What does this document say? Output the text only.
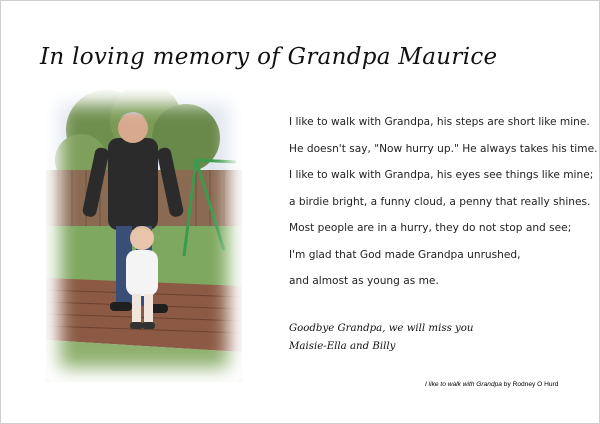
In loving memory of Grandpa Maurice
I like to walk with Grandpa, his steps are short like mine.
He doesn't say, "Now hurry up." He always takes his time.
I like to walk with Grandpa, his eyes see things like mine;
a birdie bright, a funny cloud, a penny that really shines.
Most people are in a hurry, they do not stop and see;
I'm glad that God made Grandpa unrushed,
and almost as young as me.
Goodbye Grandpa, we will miss you
Maisie-Ella and Billy
I like to walk with Grandpa by Rodney O Hurd
